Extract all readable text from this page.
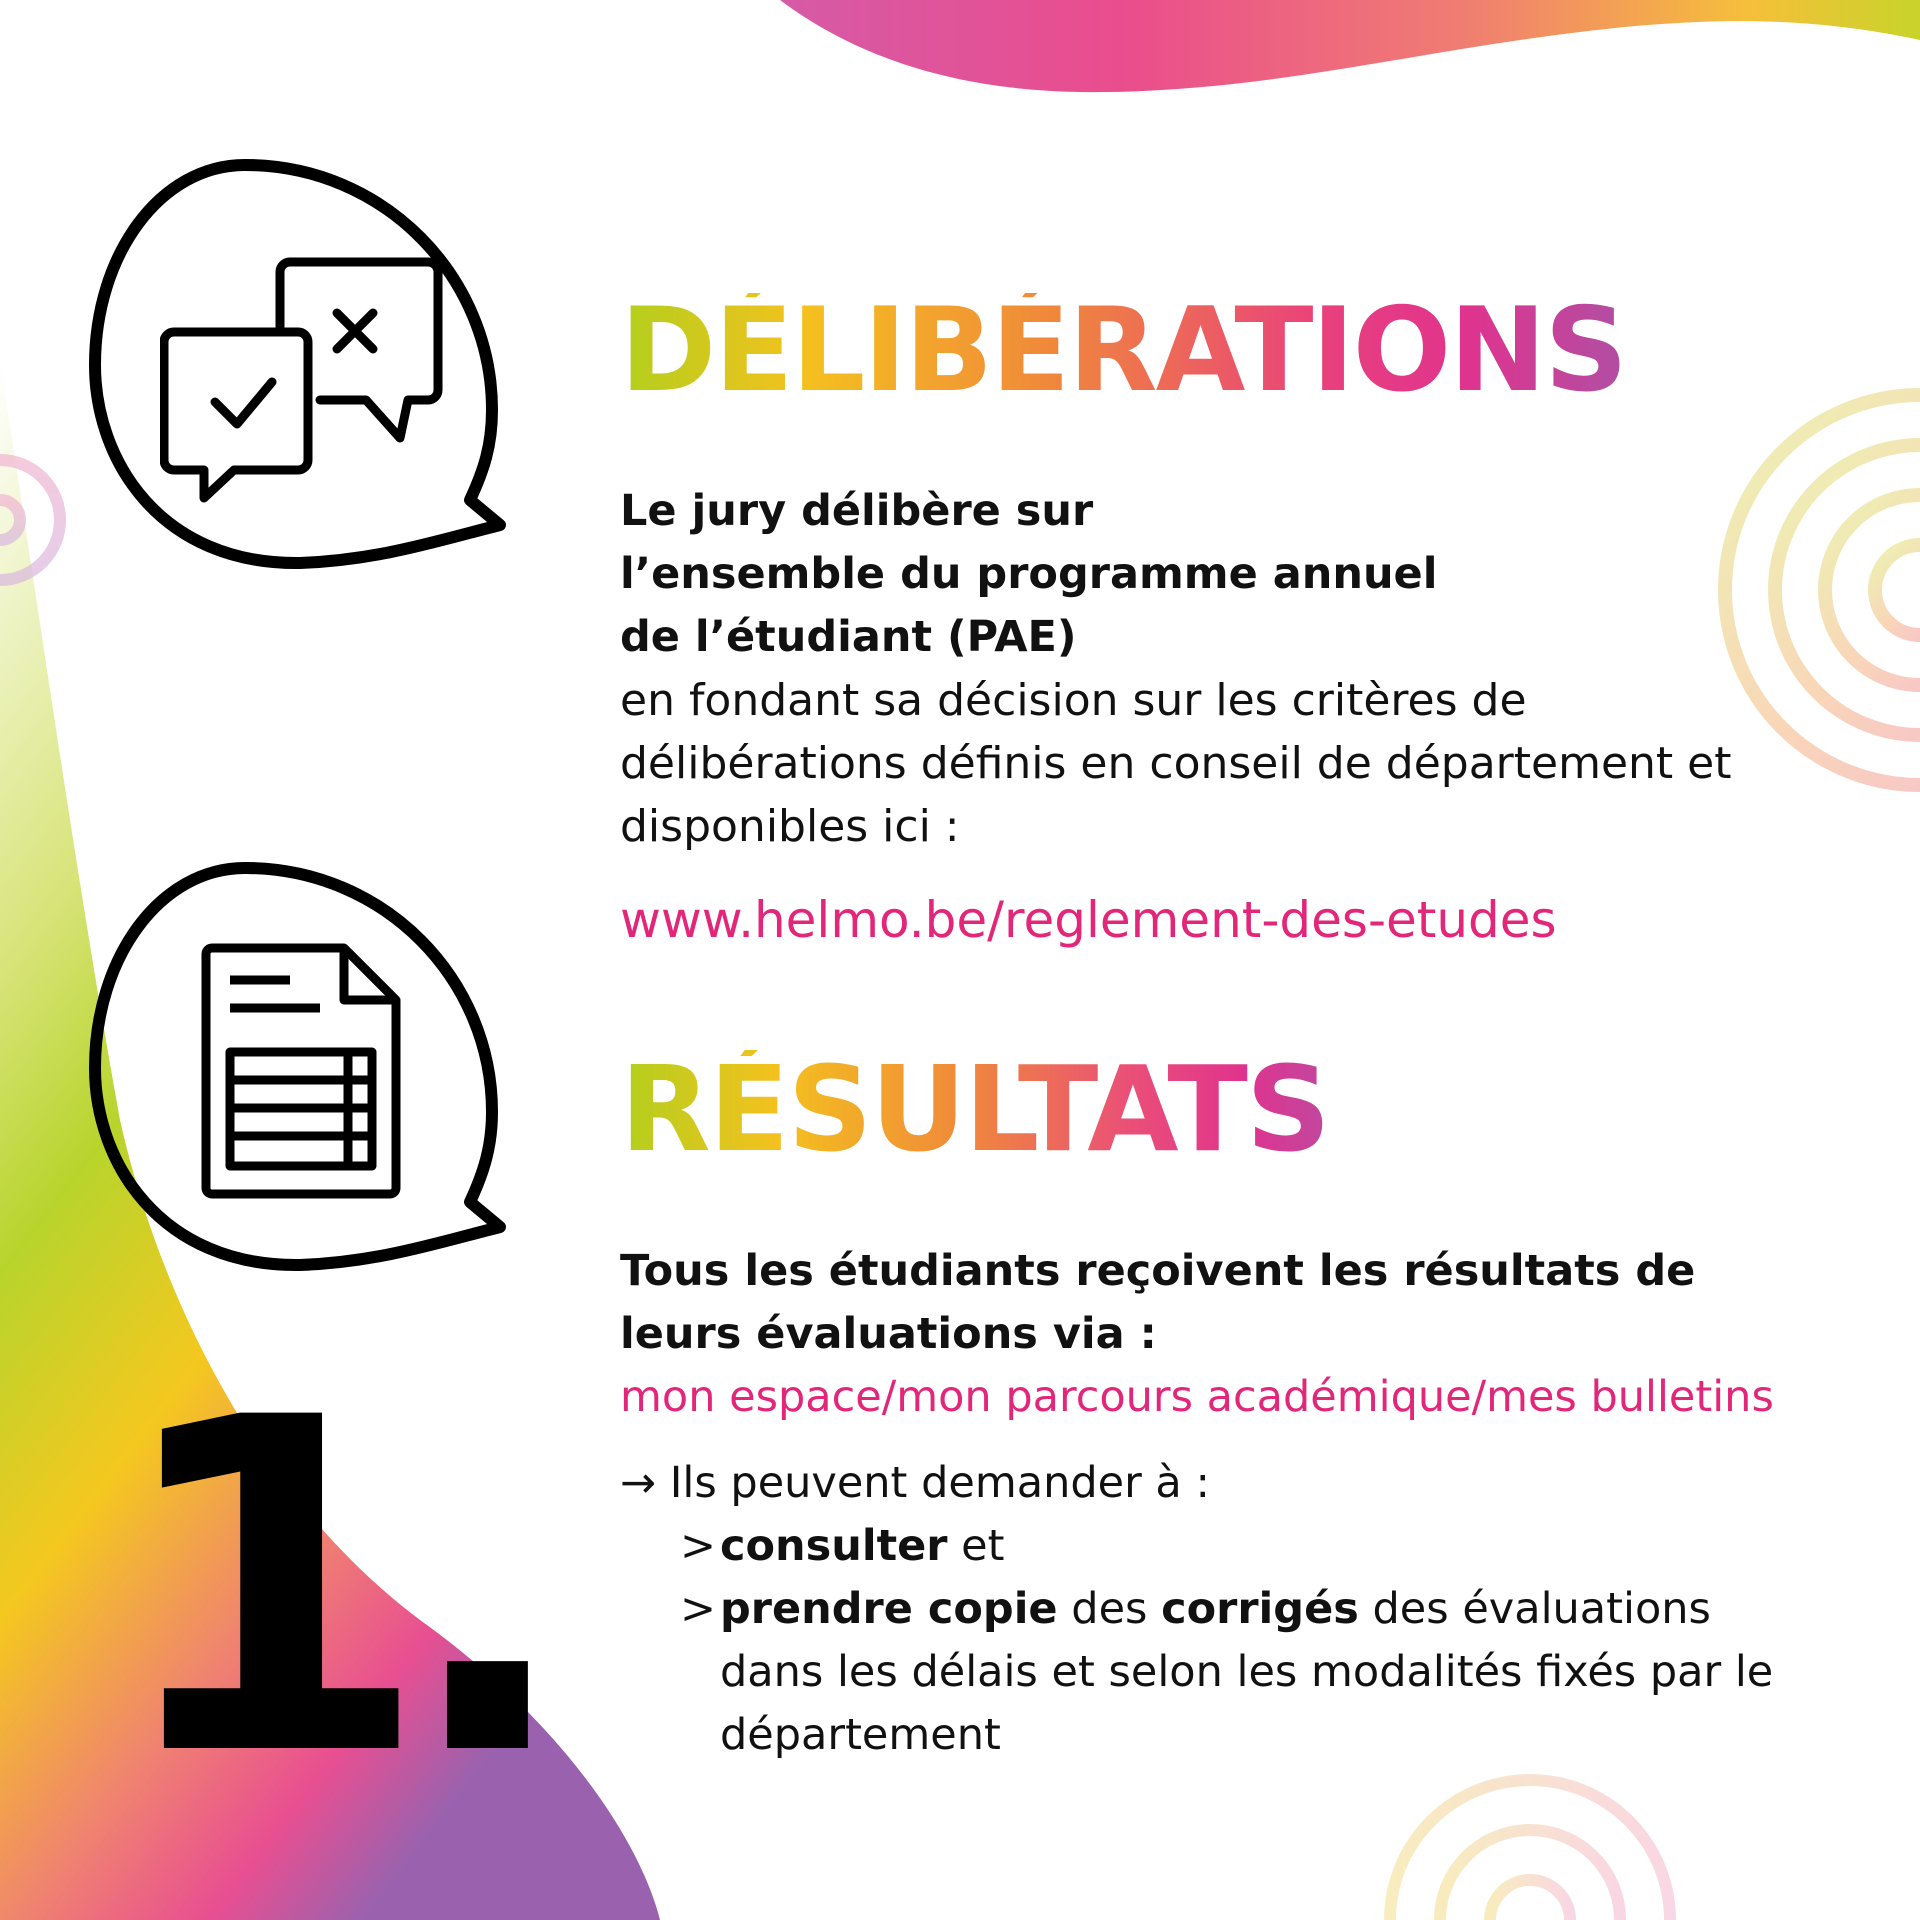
DÉLIBÉRATIONS
Le jury délibère sur
l’ensemble du programme annuel
de l’étudiant (PAE)
en fondant sa décision sur les critères de
délibérations définis en conseil de département et
disponibles ici :
www.helmo.be/reglement-des-etudes
RÉSULTATS
Tous les étudiants reçoivent les résultats de
leurs évaluations via :
mon espace/mon parcours académique/mes bulletins
→ Ils peuvent demander à :
> consulter et
> prendre copie des corrigés des évaluations
dans les délais et selon les modalités fixés par le
département
1.
